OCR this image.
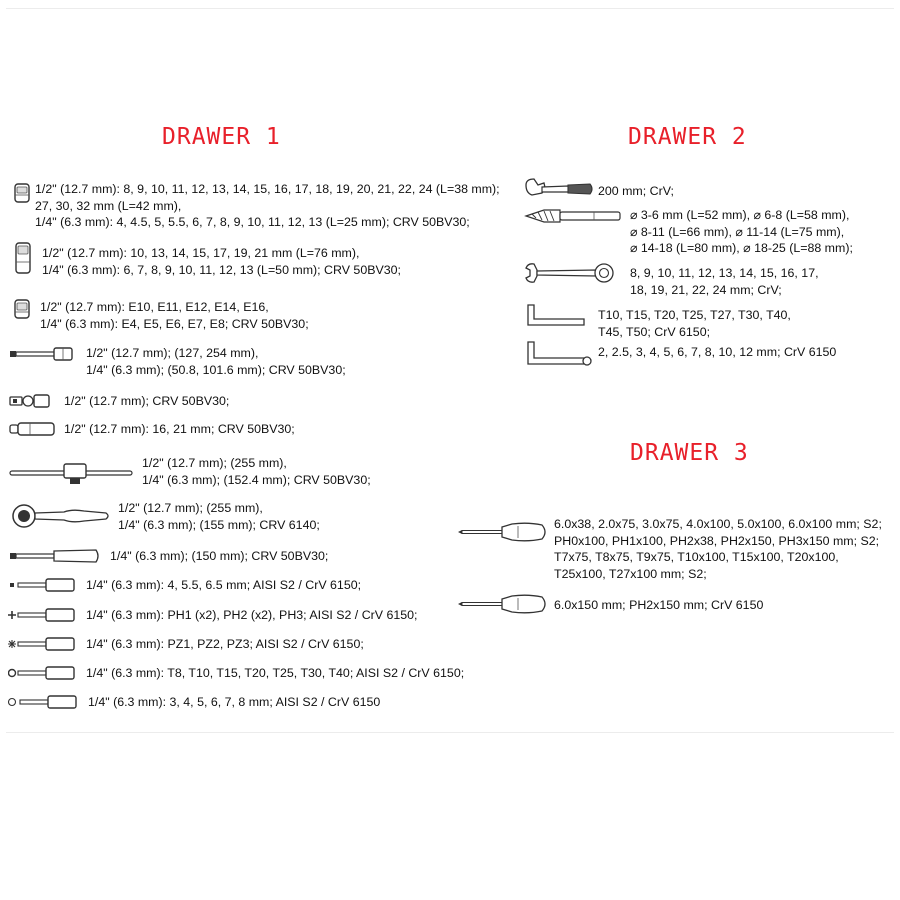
DRAWER 1
1/2" (12.7 mm): 8, 9, 10, 11, 12, 13, 14, 15, 16, 17, 18, 19, 20, 21, 22, 24 (L=38 mm);
27, 30, 32 mm (L=42 mm),
1/4" (6.3 mm): 4, 4.5, 5, 5.5, 6, 7, 8, 9, 10, 11, 12, 13 (L=25 mm); CRV 50BV30;
1/2" (12.7 mm): 10, 13, 14, 15, 17, 19, 21 mm (L=76 mm),
1/4" (6.3 mm): 6, 7, 8, 9, 10, 11, 12, 13 (L=50 mm); CRV 50BV30;
1/2" (12.7 mm): E10, E11, E12, E14, E16,
1/4" (6.3 mm): E4, E5, E6, E7, E8; CRV 50BV30;
1/2" (12.7 mm); (127, 254 mm),
1/4" (6.3 mm); (50.8, 101.6 mm); CRV 50BV30;
1/2" (12.7 mm); CRV 50BV30;
1/2" (12.7 mm): 16, 21 mm; CRV 50BV30;
1/2" (12.7 mm); (255 mm),
1/4" (6.3 mm); (152.4 mm); CRV 50BV30;
1/2" (12.7 mm); (255 mm),
1/4" (6.3 mm); (155 mm); CRV 6140;
1/4" (6.3 mm); (150 mm); CRV 50BV30;
1/4" (6.3 mm): 4, 5.5, 6.5 mm; AISI S2 / CrV 6150;
1/4" (6.3 mm): PH1 (x2), PH2 (x2), PH3; AISI S2 / CrV 6150;
1/4" (6.3 mm): PZ1, PZ2, PZ3; AISI S2 / CrV 6150;
1/4" (6.3 mm): T8, T10, T15, T20, T25, T30, T40; AISI S2 / CrV 6150;
1/4" (6.3 mm): 3, 4, 5, 6, 7, 8 mm; AISI S2 / CrV 6150
DRAWER 2
200 mm; CrV;
⌀ 3-6 mm (L=52 mm), ⌀ 6-8 (L=58 mm),
⌀ 8-11 (L=66 mm), ⌀ 11-14 (L=75 mm),
⌀ 14-18 (L=80 mm), ⌀ 18-25 (L=88 mm);
8, 9, 10, 11, 12, 13, 14, 15, 16, 17,
18, 19, 21, 22, 24 mm; CrV;
T10, T15, T20, T25, T27, T30, T40,
T45, T50; CrV 6150;
2, 2.5, 3, 4, 5, 6, 7, 8, 10, 12 mm; CrV 6150
DRAWER 3
6.0x38, 2.0x75, 3.0x75, 4.0x100, 5.0x100, 6.0x100 mm; S2;
PH0x100, PH1x100, PH2x38, PH2x150, PH3x150 mm; S2;
T7x75, T8x75, T9x75, T10x100, T15x100, T20x100,
T25x100, T27x100 mm; S2;
6.0x150 mm; PH2x150 mm; CrV 6150
